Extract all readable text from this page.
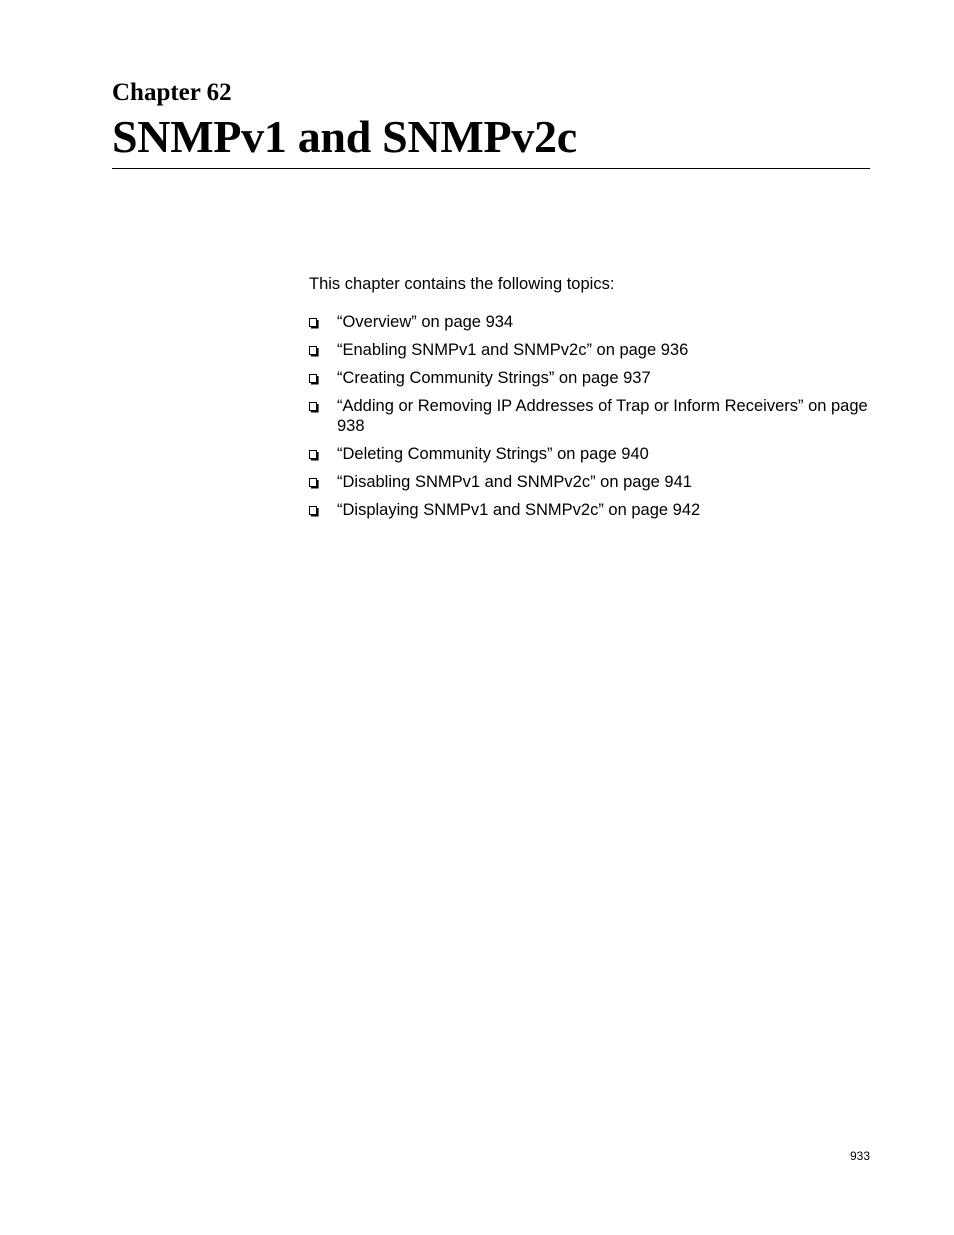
Chapter 62
SNMPv1 and SNMPv2c

This chapter contains the following topics:

“Overview” on page 934
“Enabling SNMPv1 and SNMPv2c” on page 936
“Creating Community Strings” on page 937
“Adding or Removing IP Addresses of Trap or Inform Receivers” on page 938
“Deleting Community Strings” on page 940
“Disabling SNMPv1 and SNMPv2c” on page 941
“Displaying SNMPv1 and SNMPv2c” on page 942

933
